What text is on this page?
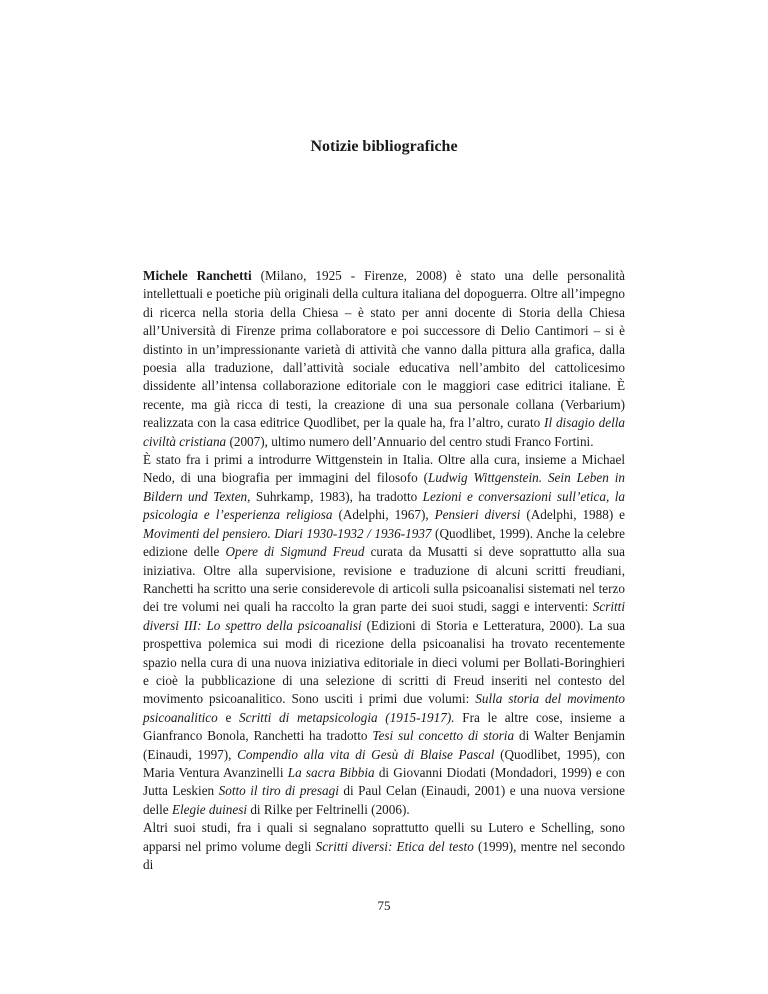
Notizie bibliografiche

Michele Ranchetti (Milano, 1925 - Firenze, 2008) è stato una delle personalità intellettuali e poetiche più originali della cultura italiana del dopoguerra. Oltre all’impegno di ricerca nella storia della Chiesa – è stato per anni docente di Storia della Chiesa all’Università di Firenze prima collaboratore e poi successore di Delio Cantimori – si è distinto in un’impressionante varietà di attività che vanno dalla pittura alla grafica, dalla poesia alla traduzione, dall’attività sociale educativa nell’ambito del cattolicesimo dissidente all’intensa collaborazione editoriale con le maggiori case editrici italiane. È recente, ma già ricca di testi, la creazione di una sua personale collana (Verbarium) realizzata con la casa editrice Quodlibet, per la quale ha, fra l’altro, curato Il disagio della civiltà cristiana (2007), ultimo numero dell’Annuario del centro studi Franco Fortini.

È stato fra i primi a introdurre Wittgenstein in Italia. Oltre alla cura, insieme a Michael Nedo, di una biografia per immagini del filosofo (Ludwig Wittgenstein. Sein Leben in Bildern und Texten, Suhrkamp, 1983), ha tradotto Lezioni e conversazioni sull’etica, la psicologia e l’esperienza religiosa (Adelphi, 1967), Pensieri diversi (Adelphi, 1988) e Movimenti del pensiero. Diari 1930-1932 / 1936-1937 (Quodlibet, 1999). Anche la celebre edizione delle Opere di Sigmund Freud curata da Musatti si deve soprattutto alla sua iniziativa. Oltre alla supervisione, revisione e traduzione di alcuni scritti freudiani, Ranchetti ha scritto una serie considerevole di articoli sulla psicoanalisi sistemati nel terzo dei tre volumi nei quali ha raccolto la gran parte dei suoi studi, saggi e interventi: Scritti diversi III: Lo spettro della psicoanalisi (Edizioni di Storia e Letteratura, 2000). La sua prospettiva polemica sui modi di ricezione della psicoanalisi ha trovato recentemente spazio nella cura di una nuova iniziativa editoriale in dieci volumi per Bollati-Boringhieri e cioè la pubblicazione di una selezione di scritti di Freud inseriti nel contesto del movimento psicoanalitico. Sono usciti i primi due volumi: Sulla storia del movimento psicoanalitico e Scritti di metapsicologia (1915-1917). Fra le altre cose, insieme a Gianfranco Bonola, Ranchetti ha tradotto Tesi sul concetto di storia di Walter Benjamin (Einaudi, 1997), Compendio alla vita di Gesù di Blaise Pascal (Quodlibet, 1995), con Maria Ventura Avanzinelli La sacra Bibbia di Giovanni Diodati (Mondadori, 1999) e con Jutta Leskien Sotto il tiro di presagi di Paul Celan (Einaudi, 2001) e una nuova versione delle Elegie duinesi di Rilke per Feltrinelli (2006).

Altri suoi studi, fra i quali si segnalano soprattutto quelli su Lutero e Schelling, sono apparsi nel primo volume degli Scritti diversi: Etica del testo (1999), mentre nel secondo di

75
